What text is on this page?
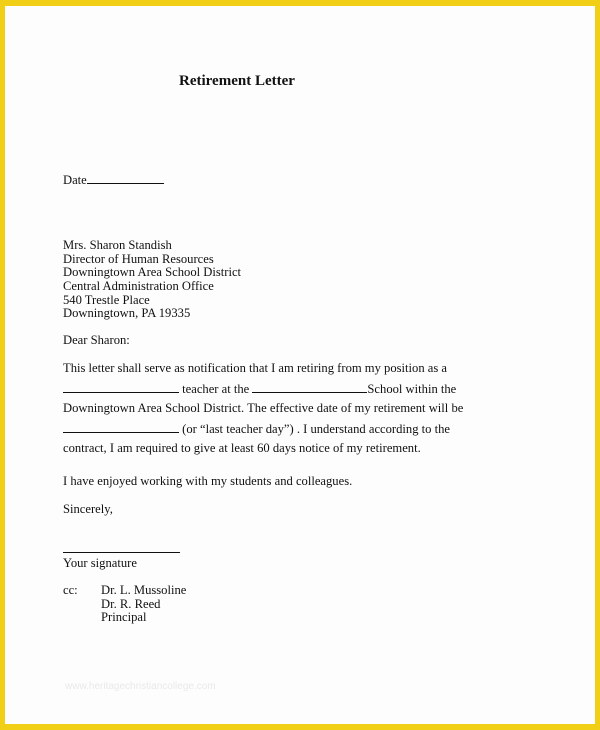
Retirement Letter
Date
Mrs. Sharon Standish
Director of Human Resources
Downingtown Area School District
Central Administration Office
540 Trestle Place
Downingtown, PA 19335
Dear Sharon:
This letter shall serve as notification that I am retiring from my position as a
teacher at the	School within the
Downingtown Area School District. The effective date of my retirement will be
(or “last teacher day”) . I understand according to the
contract, I am required to give at least 60 days notice of my retirement.
I have enjoyed working with my students and colleagues.
Sincerely,
Your signature
cc: Dr. L. Mussoline
Dr. R. Reed
Principal
www.heritagechristiancollege.com
